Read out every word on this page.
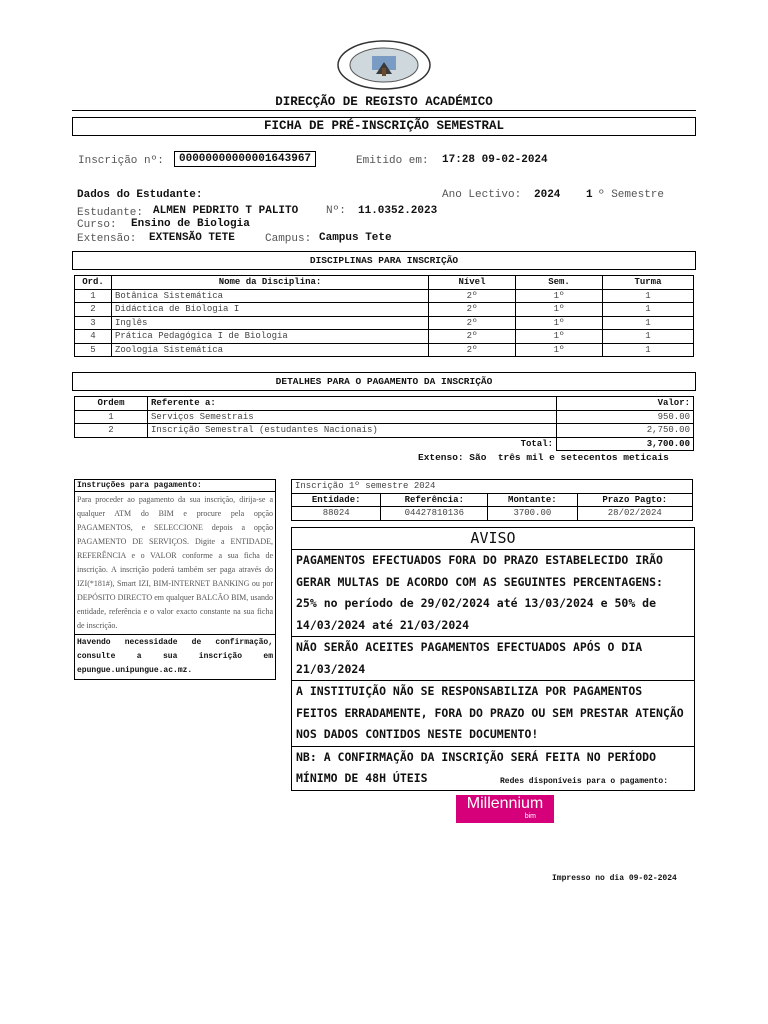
DIRECÇÃO DE REGISTO ACADÉMICO
FICHA DE PRÉ-INSCRIÇÃO SEMESTRAL
Inscrição nº:	00000000000001643967	Emitido em: 17:28 09-02-2024
Dados do Estudante:	Ano Lectivo: 2024 1 º Semestre
Estudante: ALMEN PEDRITO T PALITO	Nº: 11.0352.2023
Curso: Ensino de Biologia
Extensão: EXTENSÃO TETE	Campus: Campus Tete
DISCIPLINAS PARA INSCRIÇÃO
Ord.	Nome da Disciplina:	Nível	Sem.	Turma
1	Botânica Sistemática	2º	1º	1
2	Didáctica de Biologia I	2º	1º	1
3	Inglês	2º	1º	1
4	Prática Pedagógica I de Biologia	2º	1º	1
5	Zoologia Sistemática	2º	1º	1
DETALHES PARA O PAGAMENTO DA INSCRIÇÃO
Ordem	Referente a:	Valor:
1	Serviços Semestrais	950.00
2	Inscrição Semestral (estudantes Nacionais)	2,750.00
	Total:	3,700.00
Extenso: São três mil e setecentos meticais
Instruções para pagamento:
Para proceder ao pagamento da sua inscrição, dirija-se a qualquer ATM do BIM e procure pela opção PAGAMENTOS, e SELECCIONE depois a opção PAGAMENTO DE SERVIÇOS. Digite a ENTIDADE, REFERÊNCIA e o VALOR conforme a sua ficha de inscrição. A inscrição poderá também ser paga através do IZI(*181#), Smart IZI, BIM-INTERNET BANKING ou por DEPÓSITO DIRECTO em qualquer BALCÃO BIM, usando entidade, referência e o valor exacto constante na sua ficha de inscrição.
Havendo necessidade de confirmação, consulte a sua inscrição em epungue.unipungue.ac.mz.
Inscrição 1º semestre 2024			
Entidade:	Referência:	Montante:	Prazo Pagto:
88024	04427810136	3700.00	28/02/2024
AVISO
PAGAMENTOS EFECTUADOS FORA DO PRAZO ESTABELECIDO IRÃO GERAR MULTAS DE ACORDO COM AS SEGUINTES PERCENTAGENS: 25% no período de 29/02/2024 até 13/03/2024 e 50% de 14/03/2024 até 21/03/2024
NÃO SERÃO ACEITES PAGAMENTOS EFECTUADOS APÓS O DIA 21/03/2024
A INSTITUIÇÃO NÃO SE RESPONSABILIZA POR PAGAMENTOS FEITOS ERRADAMENTE, FORA DO PRAZO OU SEM PRESTAR ATENÇÃO NOS DADOS CONTIDOS NESTE DOCUMENTO!
NB: A CONFIRMAÇÃO DA INSCRIÇÃO SERÁ FEITA NO PERÍODO MÍNIMO DE 48H ÚTEIS	Redes disponíveis para o pagamento:
Millennium
bim
Impresso no dia 09-02-2024
